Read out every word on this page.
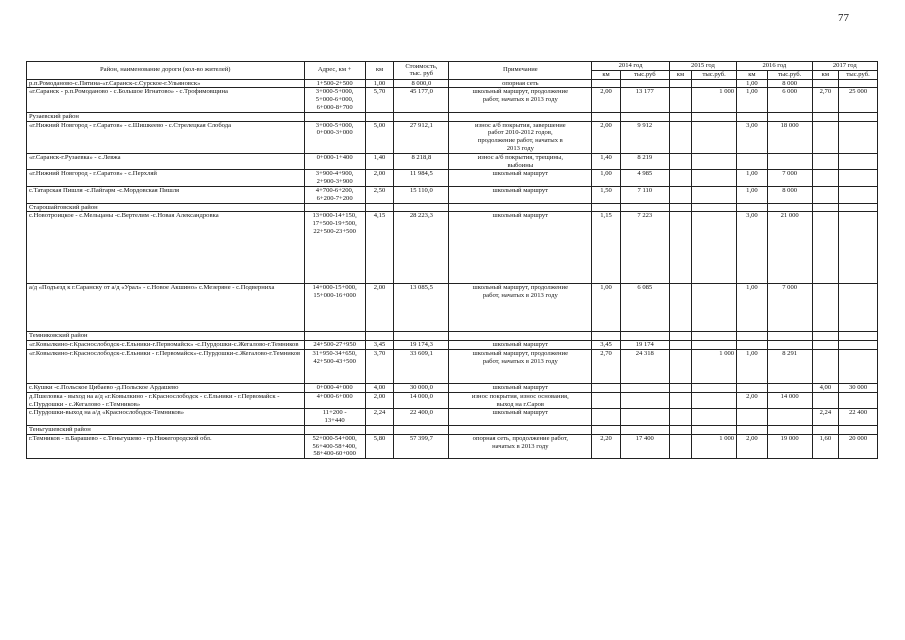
77
Район, наименование дороги (кол-во жителей)	Адрес, км +	км	Стоимость,
тыс. руб	Примечание	2014 год		2015 год		2016 год		2017 год	
					км	тыс.руб	км	тыс.руб.	км	тыс.руб.	км	тыс.руб.
р.п.Ромоданово-с.Пятина-«г.Саранск-с.Сурское-г.Ульяновск»	1+500-2+500	1,00	8 000,0	опорная сеть					1,00	8 000		
«г.Саранск - р.п.Ромоданово - с.Большое Игнатово» - с.Трофимовщина	3+000-5+000,
5+000-6+000,
6+000-8+700	5,70	45 177,0	школьный маршрут, продолжение
работ, начатых в 2013 году	2,00	13 177		1 000	1,00	6 000	2,70	25 000
Рузаевский район												
«г.Нижний Новгород - г.Саратов» - с.Шишкеево - с.Стрелецкая Слобода	3+000-5+000,
0+000-3+000	5,00	27 912,1	износ а/б покрытия, завершение
работ 2010-2012 годов,
продолжение работ, начатых в
2013 году	2,00	9 912			3,00	18 000		
«г.Саранск-г.Рузаевка» - с.Левжа	0+000-1+400	1,40	8 218,8	износ а/б покрытия, трещины,
выбоины	1,40	8 219						
«г.Нижний Новгород - г.Саратов» - с.Перхляй	3+900-4+900,
2+900-3+900	2,00	11 984,5	школьный маршрут	1,00	4 985			1,00	7 000		
с.Татарская Пишля -с.Пайгарм -с.Мордовская Пишля	4+700-6+200,
6+200-7+200	2,50	15 110,0	школьный маршрут	1,50	7 110			1,00	8 000		
Старошайговский район												
с.Новотроицкое - с.Мельцаны -с.Вертелим -с.Новая Александровка	13+000-14+150,
17+500-19+500,
22+500-23+500	4,15	28 223,3	школьный маршрут	1,15	7 223			3,00	21 000		
а/д «Подъезд к г.Саранску от а/д «Урал» - с.Новое Акшино» с.Мезеряне - с.Подверниха	14+000-15+000,
15+000-16+000	2,00	13 085,5	школьный маршрут, продолжение
работ, начатых в 2013 году	1,00	6 085			1,00	7 000		
Темниковский район												
«г.Ковылкино-г.Краснослободск-с.Ельники-г.Первомайск» -с.Пурдошки-с.Жегалово-г.Темников	24+500-27+950	3,45	19 174,3	школьный маршрут	3,45	19 174						
«г.Ковылкино-г.Краснослободск-с.Ельники - г.Первомайск»-с.Пурдошки-с.Жегалово-г.Темников	31+950-34+650,
42+500-43+500	3,70	33 609,1	школьный маршрут, продолжение
работ, начатых в 2013 году	2,70	24 318		1 000	1,00	8 291		
с.Кушки -с.Польское Цибаево -д.Польское Ардашево	0+000-4+000	4,00	30 000,0	школьный маршрут							4,00	30 000
д.Пшеловка - выход на а/д «г.Ковылкино - г.Краснослободск - с.Ельники - г.Первомайск - с.Пурдошки - с.Жегалово - г.Темников»	4+000-6+000	2,00	14 000,0	износ покрытия, износ основания,
выход на г.Саров					2,00	14 000		
с.Пурдошки-выход на а/д «Краснослободск-Темников»	11+200 -
13+440	2,24	22 400,0	школьный маршрут							2,24	22 400
Теньгушевский район												
г.Темников - п.Барашево - с.Теньгушево - гр.Нижегородской обл.	52+000-54+000,
56+400-58+400,
58+400-60+000	5,80	57 399,7	опорная сеть, продолжение работ,
начатых в 2013 году	2,20	17 400		1 000	2,00	19 000	1,60	20 000
